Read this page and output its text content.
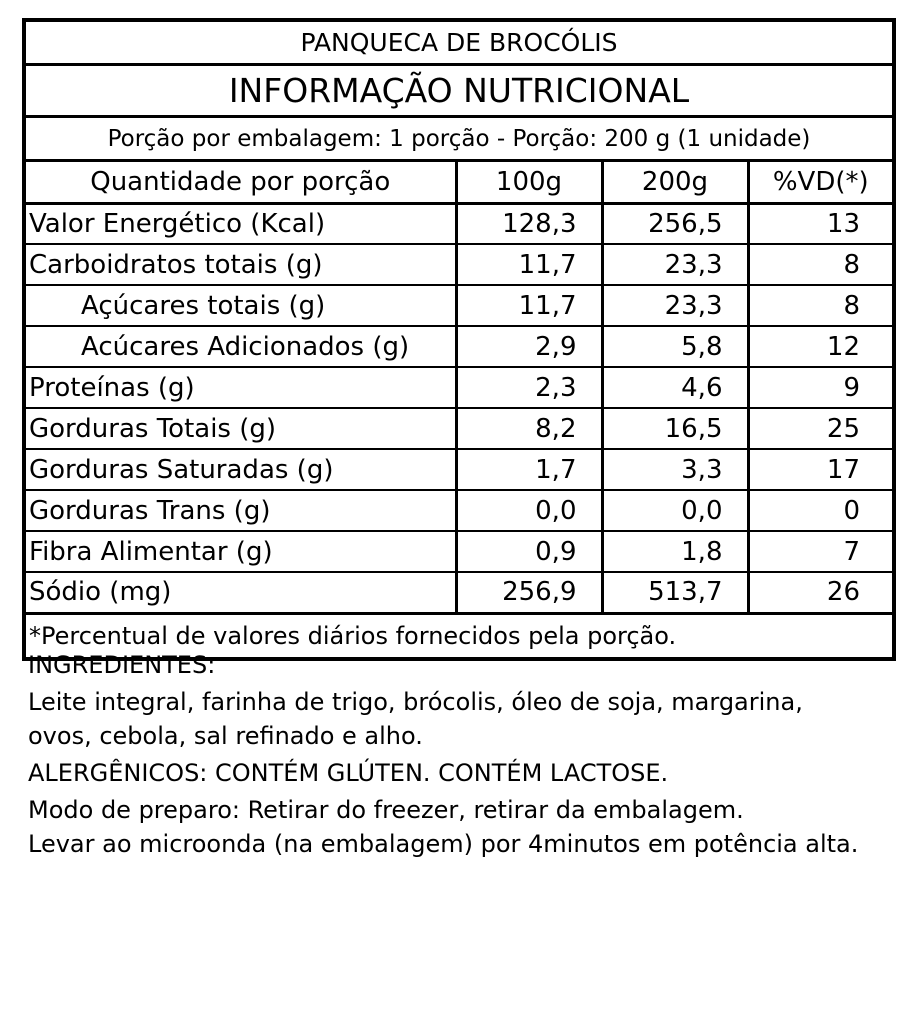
PANQUECA DE BROCÓLIS
INFORMAÇÃO NUTRICIONAL
Porção por embalagem: 1 porção - Porção: 200 g (1 unidade)
Quantidade por porção	100g	200g	%VD(*)
Valor Energético (Kcal)	128,3	256,5	13
Carboidratos totais (g)	11,7	23,3	8
Açúcares totais (g)	11,7	23,3	8
Acúcares Adicionados (g)	2,9	5,8	12
Proteínas (g)	2,3	4,6	9
Gorduras Totais (g)	8,2	16,5	25
Gorduras Saturadas (g)	1,7	3,3	17
Gorduras Trans (g)	0,0	0,0	0
Fibra Alimentar (g)	0,9	1,8	7
Sódio (mg)	256,9	513,7	26
*Percentual de valores diários fornecidos pela porção.

INGREDIENTES:

Leite integral, farinha de trigo, brócolis, óleo de soja, margarina,

ovos, cebola, sal refinado e alho.

ALERGÊNICOS: CONTÉM GLÚTEN. CONTÉM LACTOSE.

Modo de preparo: Retirar do freezer, retirar da embalagem.

Levar ao microonda (na embalagem) por 4minutos em potência alta.
